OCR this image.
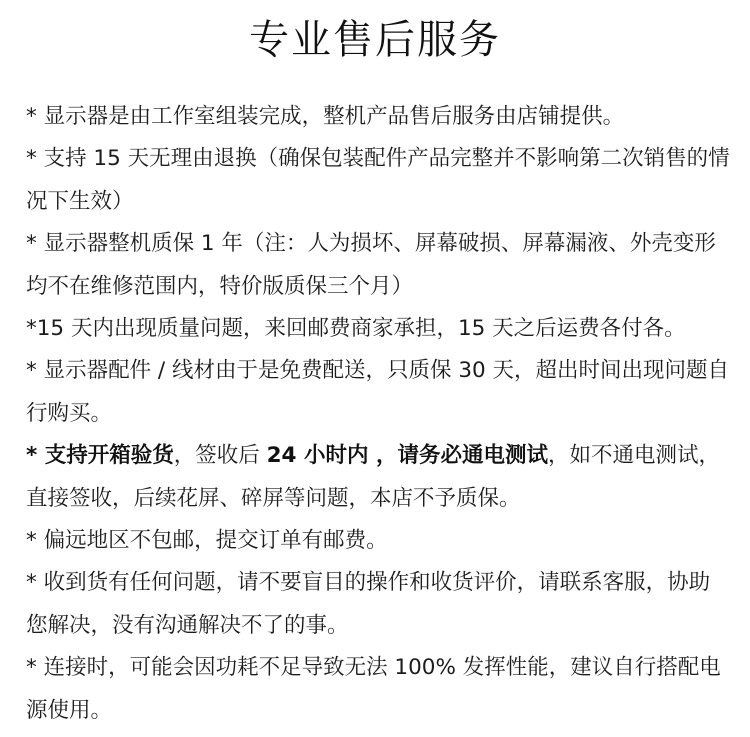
专业售后服务
* 显示器是由工作室组装完成，整机产品售后服务由店铺提供。
* 支持 15 天无理由退换（确保包装配件产品完整并不影响第二次销售的情况下生效）
* 显示器整机质保 1 年（注：人为损坏、屏幕破损、屏幕漏液、外壳变形均不在维修范围内，特价版质保三个月）
*15 天内出现质量问题，来回邮费商家承担，15 天之后运费各付各。
* 显示器配件 / 线材由于是免费配送，只质保 30 天，超出时间出现问题自行购买。
* 支持开箱验货，签收后 24 小时内 ，请务必通电测试，如不通电测试，直接签收，后续花屏、碎屏等问题，本店不予质保。
* 偏远地区不包邮，提交订单有邮费。
* 收到货有任何问题，请不要盲目的操作和收货评价，请联系客服，协助您解决，没有沟通解决不了的事。
* 连接时，可能会因功耗不足导致无法 100% 发挥性能，建议自行搭配电源使用。
